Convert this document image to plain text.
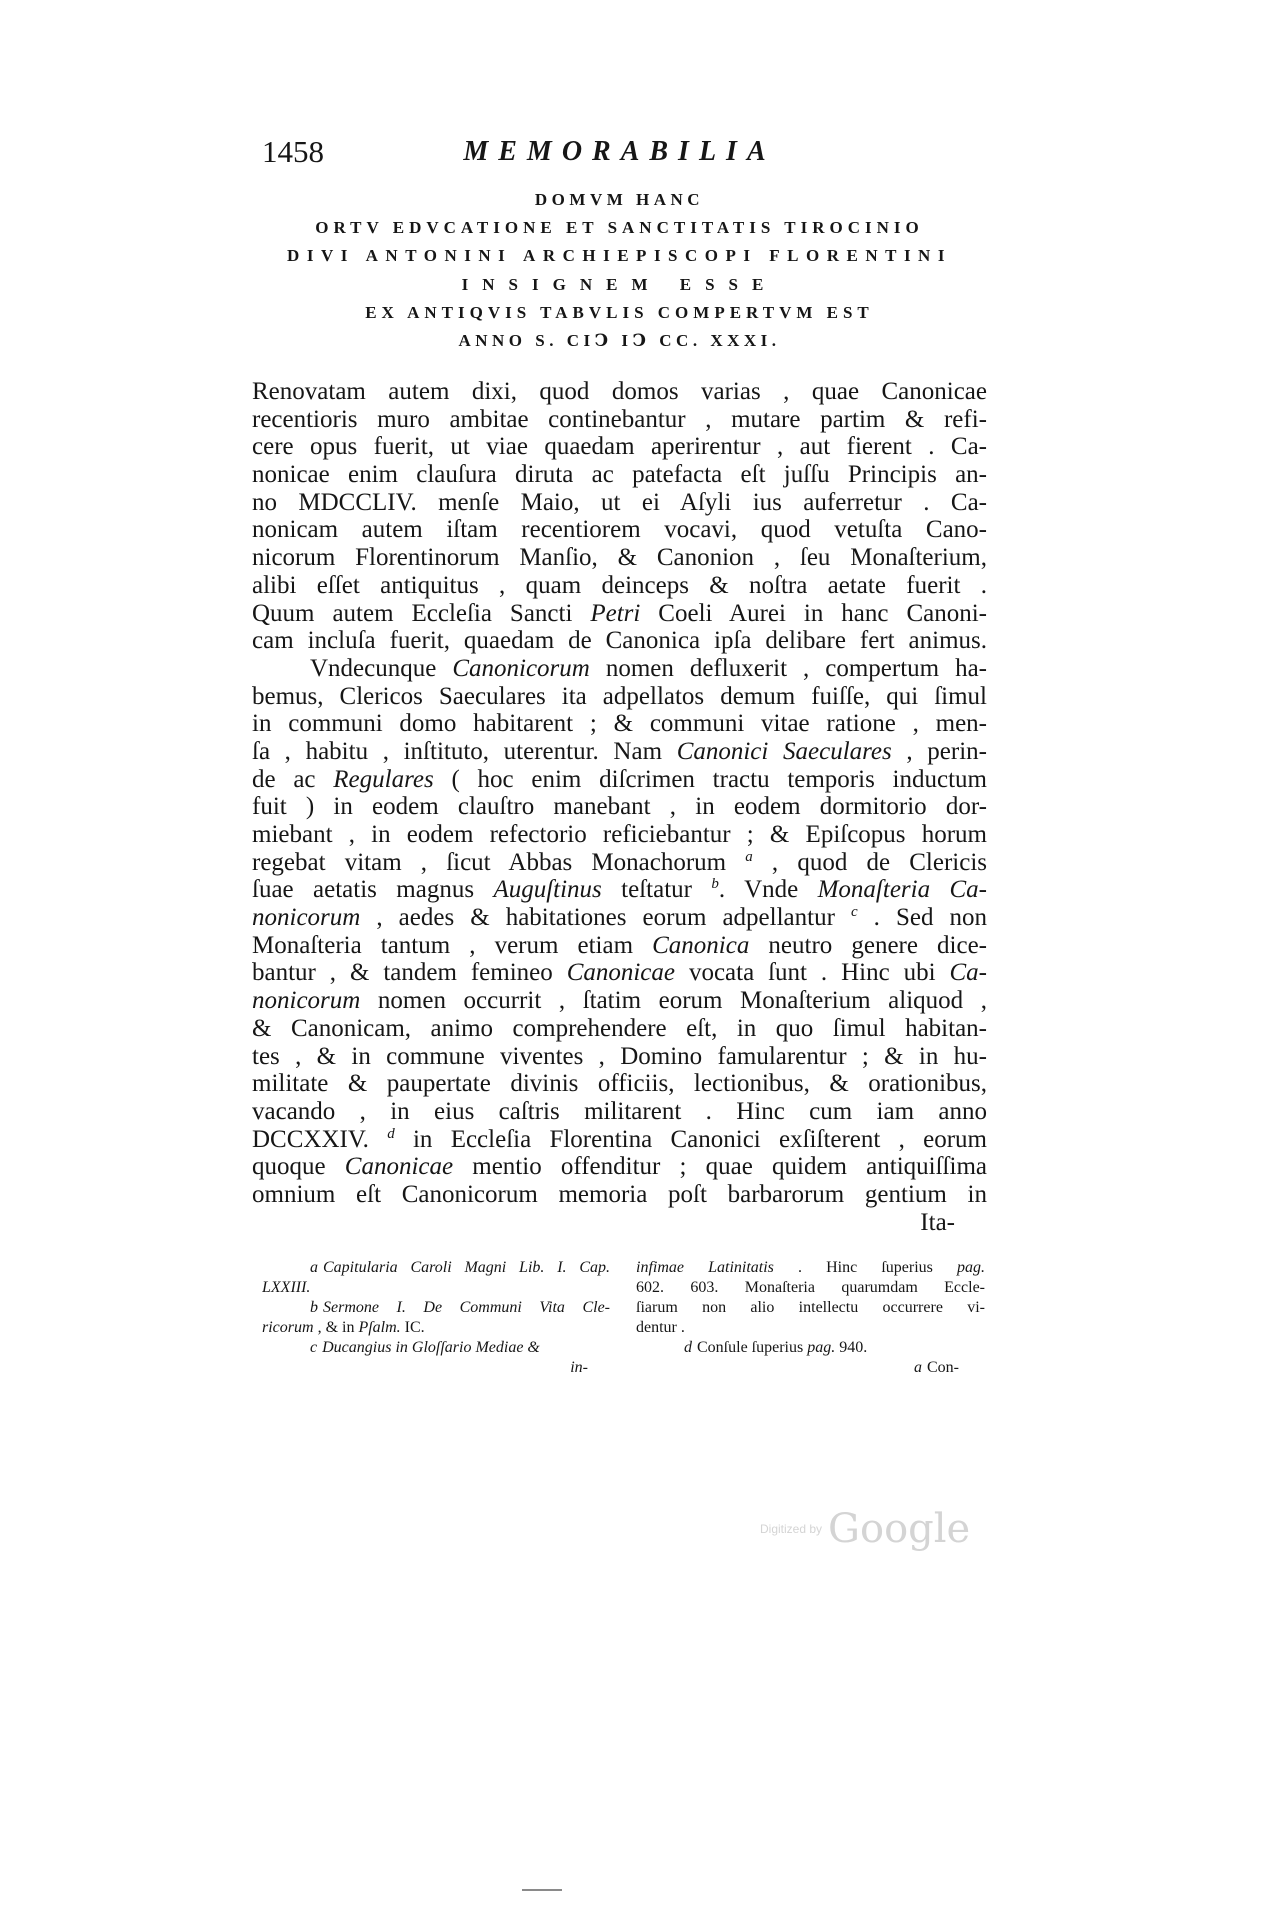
1458	MEMORABILIA
DOMVM HANC
ORTV EDVCATIONE ET SANCTITATIS TIROCINIO
DIVI ANTONINI ARCHIEPISCOPI FLORENTINI
INSIGNEM ESSE
EX ANTIQVIS TABVLIS COMPERTVM EST
ANNO S. CIↃ IↃ CC. XXXI.
Renovatam autem dixi, quod domos varias , quae Canonicae
recentioris muro ambitae continebantur , mutare partim & refi-
cere opus fuerit, ut viae quaedam aperirentur , aut fierent . Ca-
nonicae enim clauſura diruta ac patefacta eſt juſſu Principis an-
no MDCCLIV. menſe Maio, ut ei Aſyli ius auferretur . Ca-
nonicam autem iſtam recentiorem vocavi, quod vetuſta Cano-
nicorum Florentinorum Manſio, & Canonion , ſeu Monaſterium,
alibi eſſet antiquitus , quam deinceps & noſtra aetate fuerit .
Quum autem Eccleſia Sancti Petri Coeli Aurei in hanc Canoni-
cam incluſa fuerit, quaedam de Canonica ipſa delibare fert animus.
Vndecunque Canonicorum nomen defluxerit , compertum ha-
bemus, Clericos Saeculares ita adpellatos demum fuiſſe, qui ſimul
in communi domo habitarent ; & communi vitae ratione , men-
ſa , habitu , inſtituto, uterentur. Nam Canonici Saeculares , perin-
de ac Regulares ( hoc enim diſcrimen tractu temporis inductum
fuit ) in eodem clauſtro manebant , in eodem dormitorio dor-
miebant , in eodem refectorio reficiebantur ; & Epiſcopus horum
regebat vitam , ſicut Abbas Monachorum $^a$ , quod de Clericis
ſuae aetatis magnus Auguſtinus teſtatur $^b$. Vnde Monaſteria Ca-
nonicorum , aedes & habitationes eorum adpellantur $^c$ . Sed non
Monaſteria tantum , verum etiam Canonica neutro genere dice-
bantur , & tandem femineo Canonicae vocata ſunt . Hinc ubi Ca-
nonicorum nomen occurrit , ſtatim eorum Monaſterium aliquod ,
& Canonicam, animo comprehendere eſt, in quo ſimul habitan-
tes , & in commune viventes , Domino famularentur ; & in hu-
militate & paupertate divinis officiis, lectionibus, & orationibus,
vacando , in eius caſtris militarent . Hinc cum iam anno
DCCXXIV. $^d$ in Eccleſia Florentina Canonici exſiſterent , eorum
quoque Canonicae mentio offenditur ; quae quidem antiquiſſima
omnium eſt Canonicorum memoria poſt barbarorum gentium in
Ita-
a Capitularia Caroli Magni Lib. I. Cap.
LXXIII.
b Sermone I. De Communi Vita Cle-
ricorum , & in Pſalm. IC.
c Ducangius in Gloſſario Mediae &
in-
infimae Latinitatis . Hinc ſuperius pag.
602. 603. Monaſteria quarumdam Eccle-
ſiarum non alio intellectu occurrere vi-
dentur .
d Conſule ſuperius pag. 940.
a Con-
Digitized by Google
